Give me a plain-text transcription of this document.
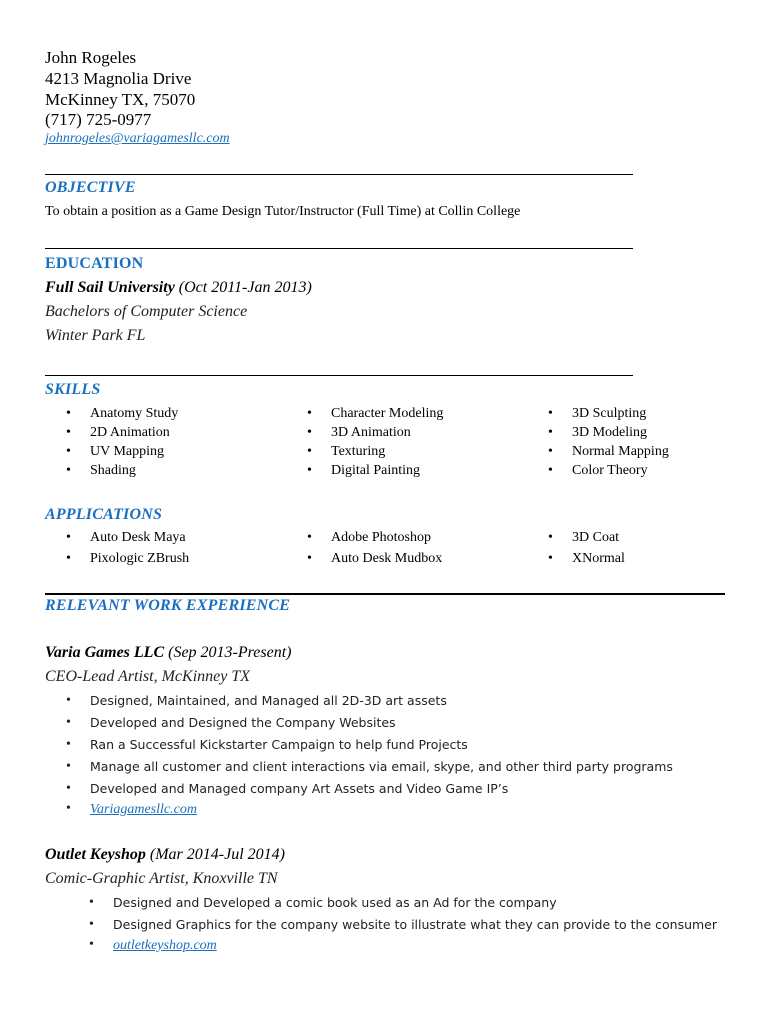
John Rogeles
4213 Magnolia Drive
McKinney TX, 75070
(717) 725-0977
johnrogeles@variagamesllc.com
OBJECTIVE
To obtain a position as a Game Design Tutor/Instructor (Full Time) at Collin College
EDUCATION
Full Sail University (Oct 2011-Jan 2013)
Bachelors of Computer Science
Winter Park FL
SKILLS
• Anatomy Study
• 2D Animation
• UV Mapping
• Shading
• Character Modeling
• 3D Animation
• Texturing
• Digital Painting
• 3D Sculpting
• 3D Modeling
• Normal Mapping
• Color Theory
APPLICATIONS
• Auto Desk Maya
• Pixologic ZBrush
• Adobe Photoshop
• Auto Desk Mudbox
• 3D Coat
• XNormal
RELEVANT WORK EXPERIENCE
Varia Games LLC (Sep 2013-Present)
CEO-Lead Artist, McKinney TX
• Designed, Maintained, and Managed all 2D-3D art assets
• Developed and Designed the Company Websites
• Ran a Successful Kickstarter Campaign to help fund Projects
• Manage all customer and client interactions via email, skype, and other third party programs
• Developed and Managed company Art Assets and Video Game IP’s
• Variagamesllc.com
Outlet Keyshop (Mar 2014-Jul 2014)
Comic-Graphic Artist, Knoxville TN
• Designed and Developed a comic book used as an Ad for the company
• Designed Graphics for the company website to illustrate what they can provide to the consumer
• outletkeyshop.com
